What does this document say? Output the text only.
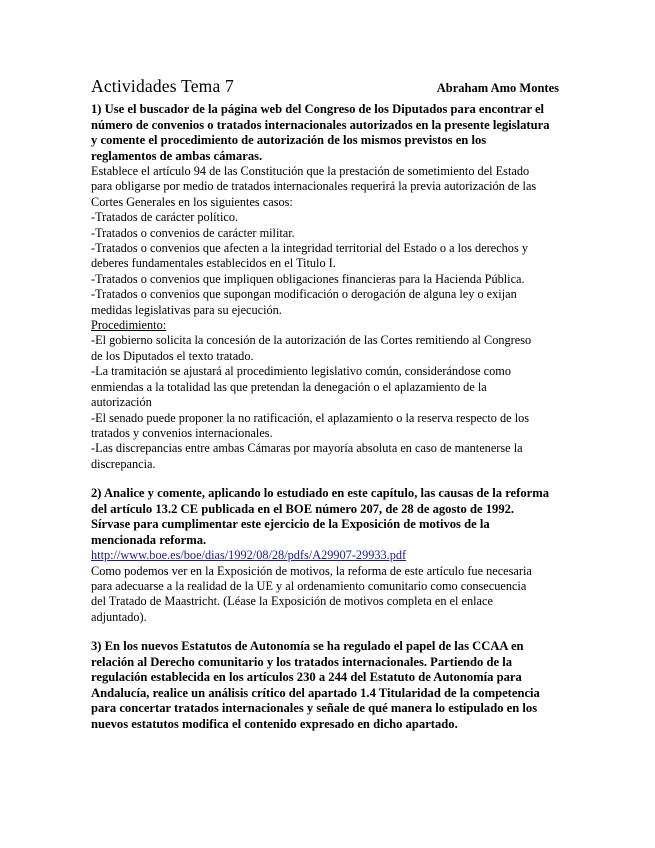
Actividades Tema 7	Abraham Amo Montes
1) Use el buscador de la página web del Congreso de los Diputados para encontrar el
número de convenios o tratados internacionales autorizados en la presente legislatura
y comente el procedimiento de autorización de los mismos previstos en los
reglamentos de ambas cámaras.
Establece el artículo 94 de las Constitución que la prestación de sometimiento del Estado
para obligarse por medio de tratados internacionales requerirá la previa autorización de las
Cortes Generales en los siguientes casos:
-Tratados de carácter político.
-Tratados o convenios de carácter militar.
-Tratados o convenios que afecten a la integridad territorial del Estado o a los derechos y
deberes fundamentales establecidos en el Titulo I.
-Tratados o convenios que impliquen obligaciones financieras para la Hacienda Pública.
-Tratados o convenios que supongan modificación o derogación de alguna ley o exijan
medidas legislativas para su ejecución.
Procedimiento:
-El gobierno solicita la concesión de la autorización de las Cortes remitiendo al Congreso
de los Diputados el texto tratado.
-La tramitación se ajustará al procedimiento legislativo común, considerándose como
enmiendas a la totalidad las que pretendan la denegación o el aplazamiento de la
autorización
-El senado puede proponer la no ratificación, el aplazamiento o la reserva respecto de los
tratados y convenios internacionales.
-Las discrepancias entre ambas Cámaras por mayoría absoluta en caso de mantenerse la
discrepancia.
2) Analice y comente, aplicando lo estudiado en este capítulo, las causas de la reforma
del artículo 13.2 CE publicada en el BOE número 207, de 28 de agosto de 1992.
Sírvase para cumplimentar este ejercicio de la Exposición de motivos de la
mencionada reforma.
http://www.boe.es/boe/dias/1992/08/28/pdfs/A29907-29933.pdf
Como podemos ver en la Exposición de motivos, la reforma de este artículo fue necesaria
para adecuarse a la realidad de la UE y al ordenamiento comunitario como consecuencia
del Tratado de Maastricht. (Léase la Exposición de motivos completa en el enlace
adjuntado).
3) En los nuevos Estatutos de Autonomía se ha regulado el papel de las CCAA en
relación al Derecho comunitario y los tratados internacionales. Partiendo de la
regulación establecida en los artículos 230 a 244 del Estatuto de Autonomía para
Andalucía, realice un análisis crítico del apartado 1.4 Titularidad de la competencia
para concertar tratados internacionales y señale de qué manera lo estipulado en los
nuevos estatutos modifica el contenido expresado en dicho apartado.
